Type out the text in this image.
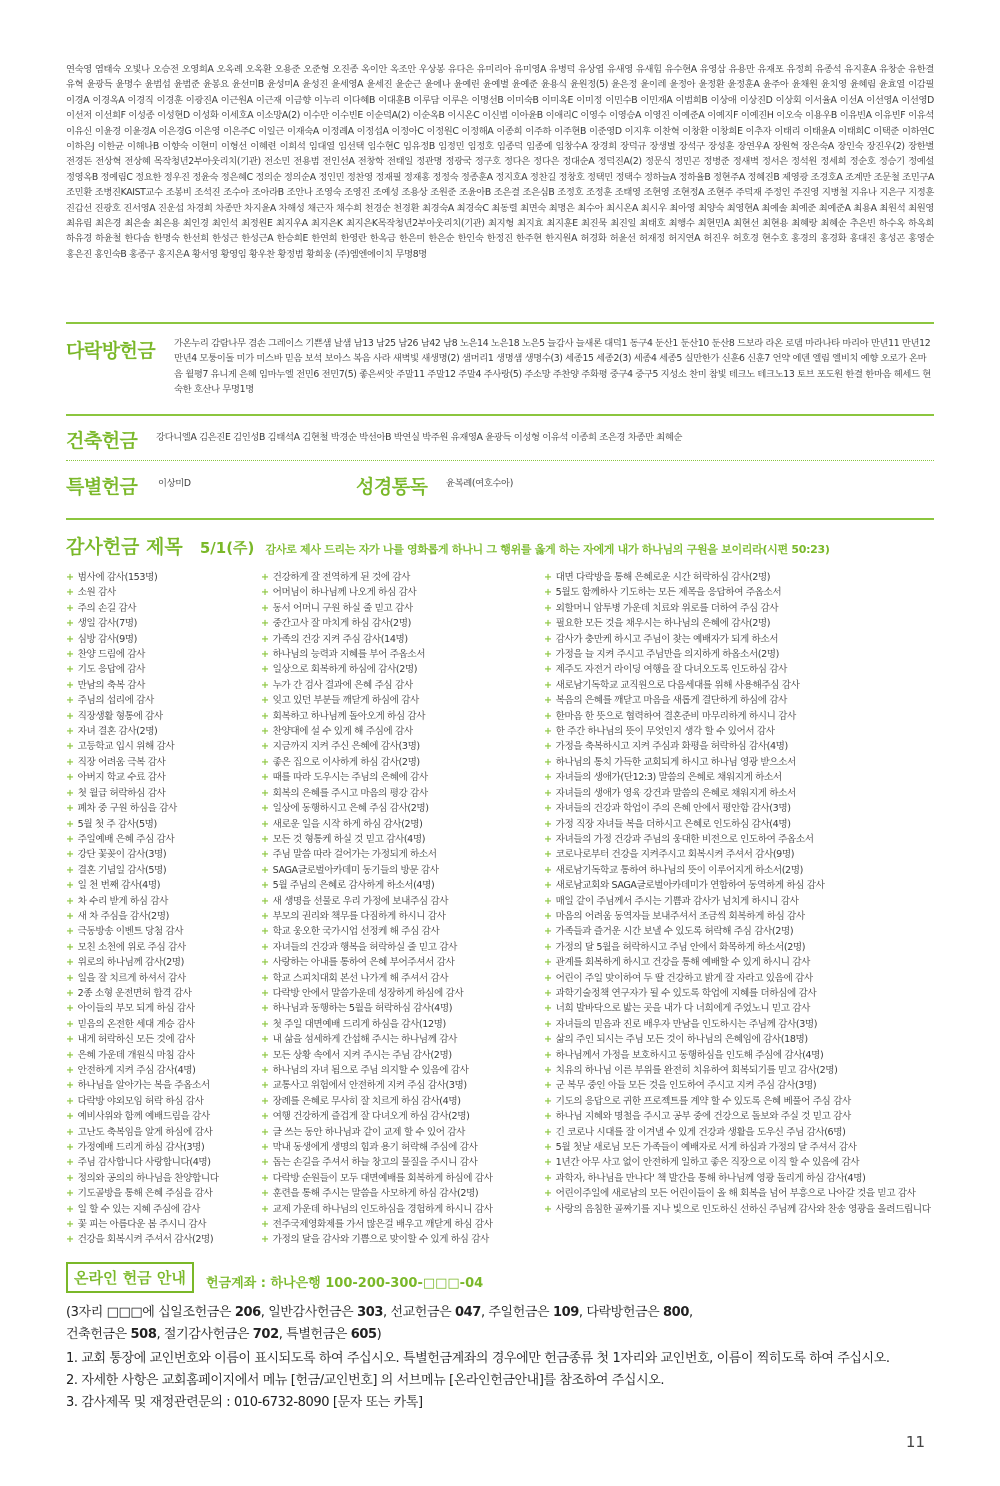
연숙영 염태숙 오빛나 오승전 오영희A 오옥례 오옥환 오용준 오준형 오진종 옥이안 옥조안 우상봉 유다은 유미리아 유미영A 유병덕 유상엽 유새영 유새힘 유수현A 유영삼 유용만 유재포 유정희 유종석 유지훈A 유창순 유한결 유혁 윤광득 윤명수 윤범섭 윤범준 윤봉요 윤선미B 윤성미A 윤성진 윤세영A 윤세진 윤순근 윤에나 윤예린 윤예별 윤예준 윤용식 윤원정(5) 윤은정 윤이레 윤정아 윤정환 윤정훈A 윤주아 윤채원 윤치영 윤혜림 윤효열 이감필 이경A 이경옥A 이경직 이경훈 이광진A 이근원A 이근재 이금향 이누리 이다혜B 이대훈B 이루담 이루은 이명선B 이미숙B 이미옥E 이미정 이민수B 이민재A 이범희B 이상애 이상진D 이상회 이서율A 이선A 이선영A 이선영D 이선저 이선희F 이성종 이성현D 이성화 이세호A 이소망A(2) 이수만 이수빈E 이순덕A(2) 이순옥B 이시온C 이신범 이아윤B 이애리C 이영수 이영승A 이영진 이예준A 이예지F 이예진H 이오숙 이용우B 이유빈A 이유빈F 이유석 이유신 이윤경 이윤경A 이은경G 이은영 이은주C 이일근 이재숙A 이정례A 이정섭A 이정아C 이정원C 이정해A 이종희 이주하 이주현B 이준영D 이지후 이찬혁 이창환 이창희E 이추자 이태리 이태윤A 이태희C 이택준 이하연C 이하은J 이한균 이해나B 이향숙 이현미 이형선 이혜련 이희석 임대열 임선택 임수현C 임유정B 임정민 임정호 임종덕 임종예 임창수A 장경희 장덕규 장생별 장석구 장성훈 장연우A 장원혁 장은숙A 장인숙 장진우(2) 장한별 전경돈 전상혁 전상혜 목작청년2부아웃리치(기관) 전소민 전용범 전인선A 전창학 전태일 정관명 정광국 정구호 정다은 정다은 정대순A 정덕진A(2) 정문식 정민곤 정병준 정새벽 정서은 정석원 정세희 정순호 정승기 정예설 정영옥B 정예림C 정요한 정우진 정윤숙 정은혜C 정의순 정의순A 정인민 정찬영 정재필 정재홍 정정숙 정종훈A 정지호A 정찬길 정창호 정택민 정택수 정하늘A 정하율B 정현주A 정혜진B 제영광 조경호A 조계만 조문철 조민구A 조민환 조병진KAIST교수 조봉비 조석진 조수아 조아라B 조안나 조영숙 조영진 조예성 조용상 조원준 조윤아B 조은결 조은심B 조정호 조정훈 조태영 조현영 조현정A 조현주 주덕재 주정인 주진영 지병철 지유나 지은구 지정훈 진갑선 진광호 진서영A 진운섭 차경희 차종만 차지윤A 차해성 채근자 채수희 천경순 천경환 최경숙A 최경숙C 최동렬 최면숙 최명은 최수아 최시온A 최시우 최아영 최양숙 최영현A 최예솔 최예준 최예준A 최용A 최원석 최원영 최유림 최은경 최은솔 최은용 최인경 최인석 최정원E 최지우A 최지은K 최지은K목작청년2부아웃리치(기관) 최지형 최지효 최지훈E 최진묵 최진일 최태호 최행수 최현민A 최현선 최현용 최혜랑 최혜순 추은빈 하수옥 하옥희 하유경 하윤철 한다솜 한명숙 한선희 한성근 한성근A 한승희E 한연희 한영란 한옥금 한은미 한은순 한인숙 한정진 한주현 한지원A 허경화 허윤선 허재정 허지연A 허진우 허호경 현수호 홍경의 홍경화 홍대진 홍성곤 홍영순 홍은진 홍인숙B 홍종구 홍지은A 황서영 황영임 황우찬 황정범 황희웅 (주)엠엔에이치 무명8명
다락방헌금 가온누리 감람나무 겸손 그레이스 기쁜샘 날샘 남13 남25 남26 남42 남8 노은14 노은18 노은5 늘감사 늘새론 대덕1 동구4 둔산1 둔산10 둔산8 드보라 라온 로뎀 마라나타 마리아 만년11 만년12 만년4 모퉁이돌 미가 미스바 믿음 보석 보아스 복음 사라 새벽빛 새생명(2) 샘머리1 생명샘 생명수(3) 세종15 세종2(3) 세종4 세종5 실만한가 신훈6 신훈7 언약 에덴 엘림 엘비치 예향 오로가 온마음 월평7 유니게 은혜 임마누엘 전민6 전민7(5) 좋은씨앗 주말11 주말12 주말4 주사랑(5) 주소망 주찬양 주화평 중구4 중구5 지성소 찬미 참빛 테크노 테크노13 토브 포도원 한결 한마음 헤세드 현숙한 호산나 무명1명
건축헌금 강다니엘A 김은진E 김인성B 김태석A 김현철 박경순 박선아B 박연실 박주원 유재영A 윤광득 이성형 이유석 이종희 조은경 차종만 최혜순
특별헌금 이상미D	성경통독 윤복례(여호수아)
감사헌금 제목 5/1(주) 감사로 제사 드리는 자가 나를 영화롭게 하나니 그 행위를 옳게 하는 자에게 내가 하나님의 구원을 보이리라(시편 50:23)
+ 범사에 감사(153명)
+ 소원 감사
+ 주의 손길 감사
+ 생일 감사(7명)
+ 심방 감사(9명)
+ 찬양 드림에 감사
+ 기도 응답에 감사
+ 만남의 축복 감사
+ 주님의 섭리에 감사
+ 직장생활 형통에 감사
+ 자녀 결혼 감사(2명)
+ 고등학교 입시 위해 감사
+ 직장 어려움 극복 감사
+ 아버지 학교 수료 감사
+ 첫 월급 허락하심 감사
+ 폐차 중 구원 하심을 감사
+ 5월 첫 주 감사(5명)
+ 주일예배 은혜 주심 감사
+ 강단 꽃꽂이 감사(3명)
+ 결혼 기념일 감사(5명)
+ 일 천 번째 감사(4명)
+ 차 수리 받게 하심 감사
+ 새 차 주심을 감사(2명)
+ 극동방송 이벤트 당첨 감사
+ 모친 소천에 위로 주심 감사
+ 위로의 하나님께 감사(2명)
+ 일을 잘 치르게 하셔서 감사
+ 2종 소형 운전면허 합격 감사
+ 아이들의 부모 되게 하심 감사
+ 믿음의 온전한 세대 계승 감사
+ 내게 허락하신 모든 것에 감사
+ 은혜 가운데 개원식 마침 감사
+ 안전하게 지켜 주심 감사(4명)
+ 하나님을 알아가는 복을 주옵소서
+ 다락방 야외모임 허락 하심 감사
+ 예비사위와 함께 예배드림을 감사
+ 고난도 축복임을 알게 하심에 감사
+ 가정예배 드리게 하심 감사(3명)
+ 주님 감사합니다 사랑합니다(4명)
+ 정의와 공의의 하나님을 찬양합니다
+ 기도골방을 통해 은혜 주심을 감사
+ 일 할 수 있는 지혜 주심에 감사
+ 꽃 피는 아름다운 봄 주시니 감사
+ 건강을 회복시켜 주셔서 감사(2명)
+ 건강하게 잘 전역하게 된 것에 감사
+ 어머님이 하나님께 나오게 하심 감사
+ 동서 어머니 구원 하실 줄 믿고 감사
+ 중간고사 잘 마치게 하심 감사(2명)
+ 가족의 건강 지켜 주심 감사(14명)
+ 하나님의 능력과 지혜를 부어 주옵소서
+ 일상으로 회복하게 하심에 감사(2명)
+ 누가 간 검사 결과에 은혜 주심 감사
+ 잊고 있던 부분들 깨닫게 하심에 감사
+ 회복하고 하나님께 돌아오게 하심 감사
+ 찬양대에 설 수 있게 해 주심에 감사
+ 지금까지 지켜 주신 은혜에 감사(3명)
+ 좋은 집으로 이사하게 하심 감사(2명)
+ 때를 따라 도우시는 주님의 은혜에 감사
+ 회복의 은혜를 주시고 마음의 평강 감사
+ 일상에 동행하시고 은혜 주심 감사(2명)
+ 새로운 일을 시작 하게 하심 감사(2명)
+ 모든 것 형통케 하실 것 믿고 감사(4명)
+ 주님 말씀 따라 걸어가는 가정되게 하소서
+ SAGA글로벌아카데미 동기들의 방문 감사
+ 5월 주님의 은혜로 감사하게 하소서(4명)
+ 새 생명을 선물로 우리 가정에 보내주심 감사
+ 부모의 권리와 책무를 다짐하게 하시니 감사
+ 학교 웅오한 국가시업 선정케 해 주심 감사
+ 자녀들의 건강과 행복을 허락하실 줄 믿고 감사
+ 사랑하는 아내를 통하여 은혜 부어주셔서 감사
+ 학교 스피치대회 본선 나가게 해 주셔서 감사
+ 다락방 안에서 말씀가운데 성장하게 하심에 감사
+ 하나님과 동행하는 5월을 허락하심 감사(4명)
+ 첫 주일 대면예배 드리게 하심을 감사(12명)
+ 내 삶을 섬세하게 간섭해 주시는 하나님께 감사
+ 모든 상황 속에서 지켜 주시는 주님 감사(2명)
+ 하나님의 자녀 됨으로 주님 의지할 수 있음에 감사
+ 교통사고 위험에서 안전하게 지켜 주심 감사(3명)
+ 장례를 은혜로 무사히 잘 치르게 하심 감사(4명)
+ 여행 건강하게 즐겁게 잘 다녀오게 하심 감사(2명)
+ 글 쓰는 동안 하나님과 같이 교제 할 수 있어 감사
+ 막내 동생에게 생명의 힘과 용기 허락해 주심에 감사
+ 돕는 손길을 주셔서 하늘 창고의 물질을 주시니 감사
+ 다락방 순원들이 모두 대면예배를 회복하게 하심에 감사
+ 훈련을 통해 주시는 말씀을 사모하게 하심 감사(2명)
+ 교제 가운데 하나님의 인도하심을 경험하게 하시니 감사
+ 전주국제영화제를 가서 많은걸 배우고 깨닫게 하심 감사
+ 가정의 달을 감사와 기쁨으로 맞이할 수 있게 하심 감사
+ 대면 다락방을 통해 은혜로운 시간 허락하심 감사(2명)
+ 5월도 함께하사 기도하는 모든 제목을 응답하여 주옵소서
+ 외할머니 암투병 가운데 치료와 위로를 더하여 주심 감사
+ 필요한 모든 것을 채우시는 하나님의 은혜에 감사(2명)
+ 감사가 충만케 하시고 주님이 찾는 예배자가 되게 하소서
+ 가정을 늘 지켜 주시고 주님만을 의지하게 하옵소서(2명)
+ 제주도 자전거 라이딩 여행을 잘 다녀오도록 인도하심 감사
+ 새로남기독학교 교직원으로 다음세대를 위해 사용해주심 감사
+ 복음의 은혜를 깨닫고 마음을 새롭게 결단하게 하심에 감사
+ 한마음 한 뜻으로 협력하여 결혼준비 마무리하게 하시니 감사
+ 한 주간 하나님의 뜻이 무엇인지 생각 할 수 있어서 감사
+ 가정을 축복하시고 지켜 주심과 화평을 허락하심 감사(4명)
+ 하나님의 통치 가득한 교회되게 하시고 하나님 영광 받으소서
+ 자녀들의 생애가(단12:3) 말씀의 은혜로 채워지게 하소서
+ 자녀들의 생애가 영육 강건과 말씀의 은혜로 채워지게 하소서
+ 자녀들의 건강과 학업이 주의 은혜 안에서 평안함 감사(3명)
+ 가정 직장 자녀들 복을 더하시고 은혜로 인도하심 감사(4명)
+ 자녀들의 가정 건강과 주님의 웅대한 비전으로 인도하여 주옵소서
+ 코로나로부터 건강을 지켜주시고 회복시켜 주셔서 감사(9명)
+ 새로남기독학교 통하여 하나님의 뜻이 이루어지게 하소서(2명)
+ 새로남교회와 SAGA글로벌아카데미가 연합하여 동역하게 하심 감사
+ 매일 같이 주님께서 주시는 기쁨과 감사가 넘치게 하시니 감사
+ 마음의 어려움 동역자들 보내주셔서 조금씩 회복하게 하심 감사
+ 가족들과 즐거운 시간 보낼 수 있도록 허락해 주심 감사(2명)
+ 가정의 달 5월을 허락하시고 주님 안에서 화목하게 하소서(2명)
+ 관계를 회복하게 하시고 건강을 통해 예배할 수 있게 하시니 감사
+ 어린이 주일 맞이하여 두 딸 건강하고 밝게 잘 자라고 있음에 감사
+ 과학기술정책 연구자가 될 수 있도록 학업에 지혜를 더하심에 감사
+ 너희 발바닥으로 밟는 곳을 내가 다 너희에게 주었노니 믿고 감사
+ 자녀들의 믿음과 진로 배우자 만남을 인도하시는 주님께 감사(3명)
+ 삶의 주인 되시는 주님 모든 것이 하나님의 은혜임에 감사(18명)
+ 하나님께서 가정을 보호하시고 동행하심을 인도해 주심에 감사(4명)
+ 치유의 하나님 이른 부위를 완전히 치유하여 회복되기를 믿고 감사(2명)
+ 군 복무 중인 아들 모든 것을 인도하여 주시고 지켜 주심 감사(3명)
+ 기도의 응답으로 귀한 프로젝트를 계약 할 수 있도록 은혜 베풀어 주심 감사
+ 하나님 지혜와 명철을 주시고 공부 중에 건강으로 돌보와 주실 것 믿고 감사
+ 긴 코로나 시대를 잘 이겨낼 수 있게 건강과 생활을 도우신 주님 감사(6명)
+ 5월 첫날 새로님 모든 가족들이 예배자로 서게 하심과 가정의 달 주셔서 감사
+ 1년간 아무 사고 없이 안전하게 일하고 좋은 직장으로 이직 할 수 있음에 감사
+ 과학자, 하나님을 만나다' 책 발간을 통해 하나님께 영광 돌리게 하심 감사(4명)
+ 어린이주일에 새로남의 모든 어린이들이 올 해 회복을 넘어 부흥으로 나아갈 것을 믿고 감사
+ 사랑의 음침한 골짜기를 지나 빛으로 인도하신 선하신 주님께 감사와 찬송 영광을 올려드립니다
온라인 헌금 안내	헌금계좌 : 하나은행 100-200-300-□□□-04
(3자리 □□□에 십일조헌금은 206, 일반감사헌금은 303, 선교헌금은 047, 주일헌금은 109, 다락방헌금은 800,
건축헌금은 508, 절기감사헌금은 702, 특별헌금은 605)
1. 교회 통장에 교인번호와 이름이 표시되도록 하여 주십시오. 특별헌금계좌의 경우에만 헌금종류 첫 1자리와 교인번호, 이름이 찍히도록 하여 주십시오.
2. 자세한 사항은 교회홈페이지에서 메뉴 [헌금/교인번호] 의 서브메뉴 [온라인헌금안내]를 참조하여 주십시오.
3. 감사제목 및 재정관련문의 : 010-6732-8090 [문자 또는 카톡]
11
